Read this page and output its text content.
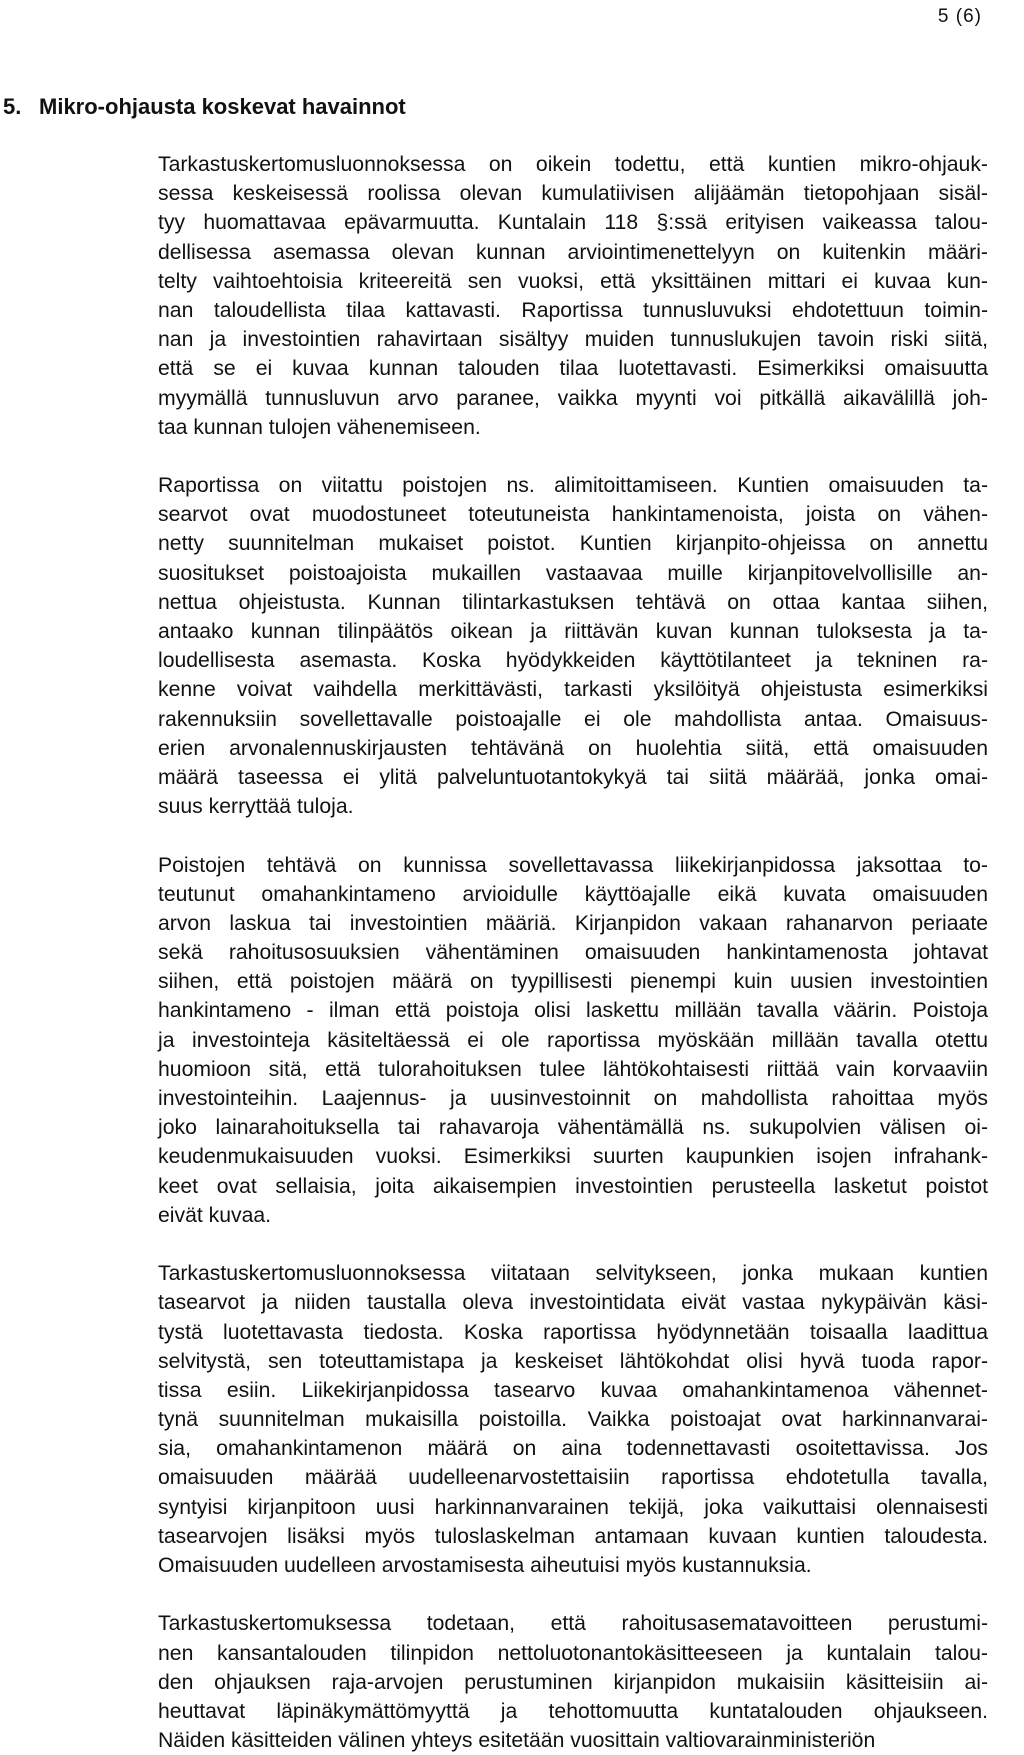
5 (6)
5. Mikro-ohjausta koskevat havainnot
Tarkastuskertomusluonnoksessa on oikein todettu, että kuntien mikro-ohjauk-
sessa keskeisessä roolissa olevan kumulatiivisen alijäämän tietopohjaan sisäl-
tyy huomattavaa epävarmuutta. Kuntalain 118 §:ssä erityisen vaikeassa talou-
dellisessa asemassa olevan kunnan arviointimenettelyyn on kuitenkin määri-
telty vaihtoehtoisia kriteereitä sen vuoksi, että yksittäinen mittari ei kuvaa kun-
nan taloudellista tilaa kattavasti. Raportissa tunnusluvuksi ehdotettuun toimin-
nan ja investointien rahavirtaan sisältyy muiden tunnuslukujen tavoin riski siitä,
että se ei kuvaa kunnan talouden tilaa luotettavasti. Esimerkiksi omaisuutta
myymällä tunnusluvun arvo paranee, vaikka myynti voi pitkällä aikavälillä joh-
taa kunnan tulojen vähenemiseen.
Raportissa on viitattu poistojen ns. alimitoittamiseen. Kuntien omaisuuden ta-
searvot ovat muodostuneet toteutuneista hankintamenoista, joista on vähen-
netty suunnitelman mukaiset poistot. Kuntien kirjanpito-ohjeissa on annettu
suositukset poistoajoista mukaillen vastaavaa muille kirjanpitovelvollisille an-
nettua ohjeistusta. Kunnan tilintarkastuksen tehtävä on ottaa kantaa siihen,
antaako kunnan tilinpäätös oikean ja riittävän kuvan kunnan tuloksesta ja ta-
loudellisesta asemasta. Koska hyödykkeiden käyttötilanteet ja tekninen ra-
kenne voivat vaihdella merkittävästi, tarkasti yksilöityä ohjeistusta esimerkiksi
rakennuksiin sovellettavalle poistoajalle ei ole mahdollista antaa. Omaisuus-
erien arvonalennuskirjausten tehtävänä on huolehtia siitä, että omaisuuden
määrä taseessa ei ylitä palveluntuotantokykyä tai siitä määrää, jonka omai-
suus kerryttää tuloja.
Poistojen tehtävä on kunnissa sovellettavassa liikekirjanpidossa jaksottaa to-
teutunut omahankintameno arvioidulle käyttöajalle eikä kuvata omaisuuden
arvon laskua tai investointien määriä. Kirjanpidon vakaan rahanarvon periaate
sekä rahoitusosuuksien vähentäminen omaisuuden hankintamenosta johtavat
siihen, että poistojen määrä on tyypillisesti pienempi kuin uusien investointien
hankintameno - ilman että poistoja olisi laskettu millään tavalla väärin. Poistoja
ja investointeja käsiteltäessä ei ole raportissa myöskään millään tavalla otettu
huomioon sitä, että tulorahoituksen tulee lähtökohtaisesti riittää vain korvaaviin
investointeihin. Laajennus- ja uusinvestoinnit on mahdollista rahoittaa myös
joko lainarahoituksella tai rahavaroja vähentämällä ns. sukupolvien välisen oi-
keudenmukaisuuden vuoksi. Esimerkiksi suurten kaupunkien isojen infrahank-
keet ovat sellaisia, joita aikaisempien investointien perusteella lasketut poistot
eivät kuvaa.
Tarkastuskertomusluonnoksessa viitataan selvitykseen, jonka mukaan kuntien
tasearvot ja niiden taustalla oleva investointidata eivät vastaa nykypäivän käsi-
tystä luotettavasta tiedosta. Koska raportissa hyödynnetään toisaalla laadittua
selvitystä, sen toteuttamistapa ja keskeiset lähtökohdat olisi hyvä tuoda rapor-
tissa esiin. Liikekirjanpidossa tasearvo kuvaa omahankintamenoa vähennet-
tynä suunnitelman mukaisilla poistoilla. Vaikka poistoajat ovat harkinnanvarai-
sia, omahankintamenon määrä on aina todennettavasti osoitettavissa. Jos
omaisuuden määrää uudelleenarvostettaisiin raportissa ehdotetulla tavalla,
syntyisi kirjanpitoon uusi harkinnanvarainen tekijä, joka vaikuttaisi olennaisesti
tasearvojen lisäksi myös tuloslaskelman antamaan kuvaan kuntien taloudesta.
Omaisuuden uudelleen arvostamisesta aiheutuisi myös kustannuksia.
Tarkastuskertomuksessa todetaan, että rahoitusasematavoitteen perustumi-
nen kansantalouden tilinpidon nettoluotonantokäsitteeseen ja kuntalain talou-
den ohjauksen raja-arvojen perustuminen kirjanpidon mukaisiin käsitteisiin ai-
heuttavat läpinäkymättömyyttä ja tehottomuutta kuntatalouden ohjaukseen.
Näiden käsitteiden välinen yhteys esitetään vuosittain valtiovarainministeriön
